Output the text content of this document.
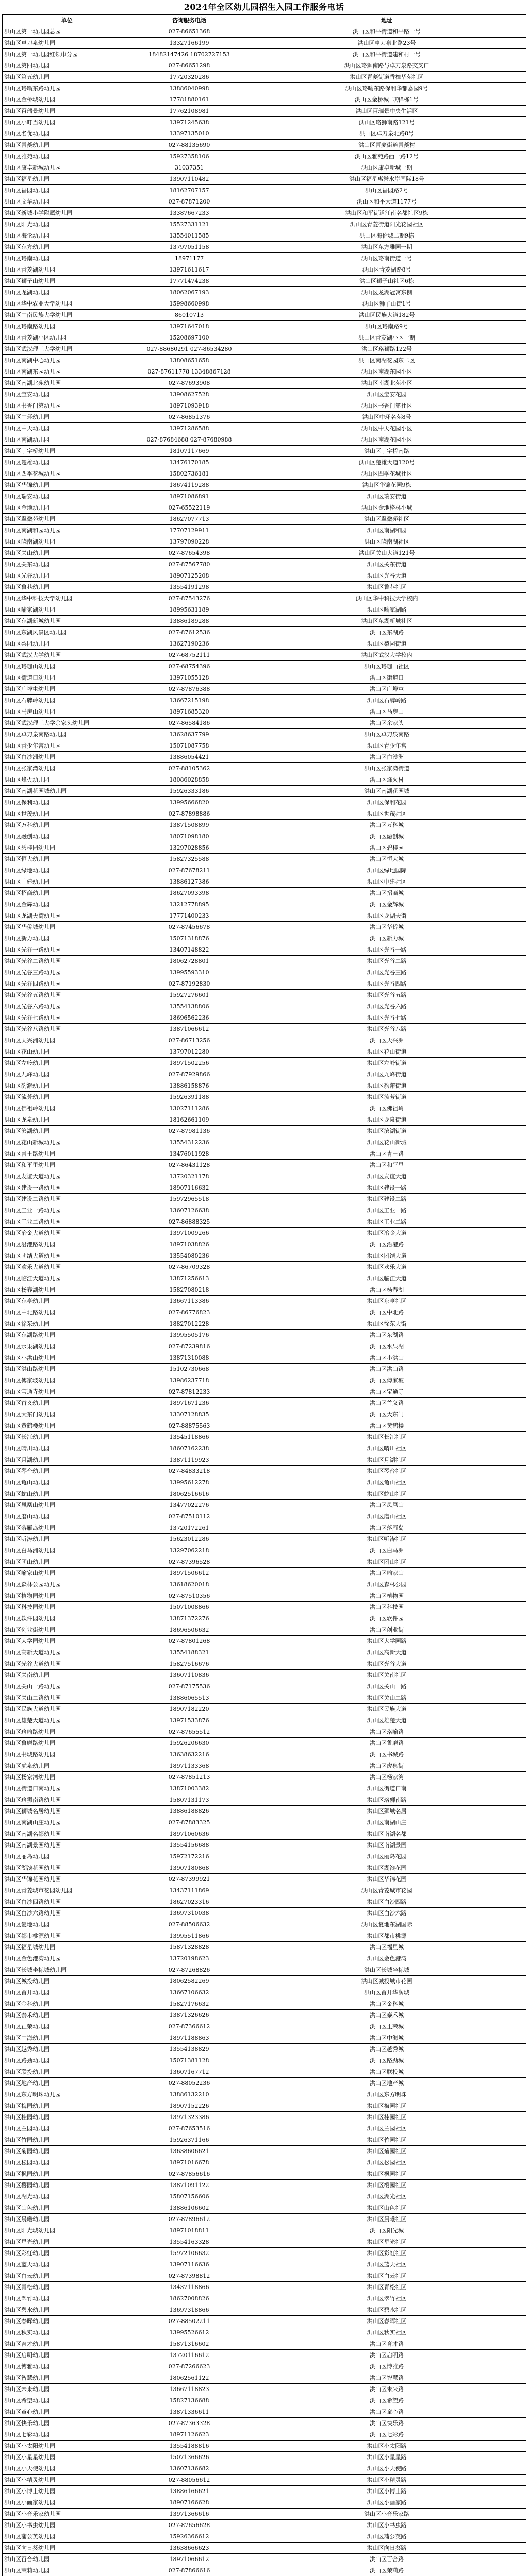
2024年全区幼儿园招生入园工作服务电话
单位	咨询服务电话	地址
洪山区第一幼儿园总园	027-86651368	洪山区和平街道和平路一号
洪山区卓刀泉幼儿园	13327166199	洪山区卓刀泉北路23号
洪山区第一幼儿园红领巾分园	18482147426 18702727153	洪山区和平街道建和村一号
洪山区第四幼儿园	027-86651298	洪山区珞狮南路与卓刀泉路交叉口
洪山区第五幼儿园	17720320286	洪山区青菱街道香樟华苑社区
洪山区珞喻东路幼儿园	13886040998	洪山区珞喻东路保利华都嘉园9号
洪山区金桥城幼儿园	17781880161	洪山区金桥城二期8栋1号
洪山区百瑞景幼儿园	17762108981	洪山区百瑞景中央生活区
洪山区小叮当幼儿园	13971245638	洪山区珞狮南路121号
洪山区名优幼儿园	13397135010	洪山区卓刀泉北路8号
洪山区青菱幼儿园	027-88135690	洪山区青菱街道青菱村
洪山区雅苑幼儿园	15927358106	洪山区雅苑路西一路12号
洪山区康卓新城幼儿园	31037351	洪山区康卓新城一期
洪山区福星幼儿园	13907110482	洪山区福星惠誉水岸国际18号
洪山区福园幼儿园	18162707157	洪山区福园路2号
洪山区文华幼儿园	027-87871200	洪山区和平大道1177号
洪山区新城小学附属幼儿园	13387667233	洪山区和平街道江南名都社区9栋
洪山区阳光幼儿园	15527331121	洪山区青菱街道阳光花园社区
洪山区海伦幼儿园	13554011585	洪山区海伦城二期9栋
洪山区东方幼儿园	13797051158	洪山区东方雅园一期
洪山区珞南幼儿园	18971177	洪山区珞南街道一号
洪山区青菱湖幼儿园	13971611617	洪山区青菱湖路8号
洪山区狮子山幼儿园	17771474238	洪山区狮子山社区6栋
洪山区龙湖幼儿园	18062067193	洪山区龙湖冠寓东侧
洪山区华中农业大学幼儿园	15998660998	洪山区狮子山街1号
洪山区中南民族大学幼儿园	86010713	洪山区民族大道182号
洪山区珞南路幼儿园	13971647018	洪山区珞南路9号
洪山区青菱湖小区幼儿园	15208697100	洪山区青菱湖小区一期
洪山区武汉理工大学幼儿园	027-88680291 027-86534280	洪山区珞狮路122号
洪山区南湖中心幼儿园	13808651658	洪山区南湖花园东二区
洪山区南湖东园幼儿园	027-87611778 13348867128	洪山区南湖东园小区
洪山区南湖北苑幼儿园	027-87693908	洪山区南湖北苑小区
洪山区宝安幼儿园	13908627528	洪山区宝安花园
洪山区书香门第幼儿园	18971093918	洪山区书香门第社区
洪山区中环幼儿园	027-86851376	洪山区中环名苑8号
洪山区中天幼儿园	13971286588	洪山区中天花园小区
洪山区南湖幼儿园	027-87684688 027-87680988	洪山区南湖花园小区
洪山区丁字桥幼儿园	18107117669	洪山区丁字桥南路
洪山区楚雄幼儿园	13476170185	洪山区楚雄大道120号
洪山区四季花城幼儿园	15802736181	洪山区四季花城社区
洪山区华锦幼儿园	18674119288	洪山区华锦花园9栋
洪山区瑞安幼儿园	18971086891	洪山区瑞安街道
洪山区金地幼儿园	027-65522119	洪山区金地格林小城
洪山区翠微苑幼儿园	18627077713	洪山区翠微苑社区
洪山区南湖和园幼儿园	17707129911	洪山区南湖和园
洪山区晓南湖幼儿园	13797090228	洪山区晓南湖社区
洪山区关山幼儿园	027-87654398	洪山区关山大道121号
洪山区关东幼儿园	027-87567780	洪山区关东街道
洪山区光谷幼儿园	18907125208	洪山区光谷大道
洪山区鲁巷幼儿园	13554191298	洪山区鲁巷社区
洪山区华中科技大学幼儿园	027-87543276	洪山区华中科技大学校内
洪山区喻家湖幼儿园	18995631189	洪山区喻家湖路
洪山区东湖新城幼儿园	13886189288	洪山区东湖新城社区
洪山区东湖风景区幼儿园	027-87612536	洪山区东湖路
洪山区梨园幼儿园	13627190236	洪山区梨园街道
洪山区武汉大学幼儿园	027-68752111	洪山区武汉大学校内
洪山区珞珈山幼儿园	027-68754396	洪山区珞珈山社区
洪山区街道口幼儿园	13971055128	洪山区街道口
洪山区广埠屯幼儿园	027-87876388	洪山区广埠屯
洪山区石牌岭幼儿园	13667215198	洪山区石牌岭路
洪山区马房山幼儿园	18971685320	洪山区马房山
洪山区武汉理工大学余家头幼儿园	027-86584186	洪山区余家头
洪山区卓刀泉南路幼儿园	13628637799	洪山区卓刀泉南路
洪山区青少年宫幼儿园	15071087758	洪山区青少年宫
洪山区白沙洲幼儿园	13886054421	洪山区白沙洲
洪山区张家湾幼儿园	027-88105362	洪山区张家湾街道
洪山区烽火幼儿园	18086028858	洪山区烽火村
洪山区南湖花园城幼儿园	15926333186	洪山区南湖花园城
洪山区保利幼儿园	13995666820	洪山区保利花园
洪山区世茂幼儿园	027-87898886	洪山区世茂社区
洪山区万科幼儿园	13871508899	洪山区万科城
洪山区融创幼儿园	18071098180	洪山区融创城
洪山区碧桂园幼儿园	13297028856	洪山区碧桂园
洪山区恒大幼儿园	15827325588	洪山区恒大城
洪山区绿地幼儿园	027-87678211	洪山区绿地国际
洪山区中建幼儿园	13886127386	洪山区中建社区
洪山区招商幼儿园	18627093398	洪山区招商城
洪山区金辉幼儿园	13212778895	洪山区金辉城
洪山区龙湖天街幼儿园	17771400233	洪山区龙湖天街
洪山区华侨城幼儿园	027-87456678	洪山区华侨城
洪山区新力幼儿园	15071318876	洪山区新力城
洪山区光谷一路幼儿园	13407148822	洪山区光谷一路
洪山区光谷二路幼儿园	18062728801	洪山区光谷二路
洪山区光谷三路幼儿园	13995593310	洪山区光谷三路
洪山区光谷四路幼儿园	027-87192830	洪山区光谷四路
洪山区光谷五路幼儿园	15927276601	洪山区光谷五路
洪山区光谷六路幼儿园	13554138806	洪山区光谷六路
洪山区光谷七路幼儿园	18696562236	洪山区光谷七路
洪山区光谷八路幼儿园	13871066612	洪山区光谷八路
洪山区天兴洲幼儿园	027-86713256	洪山区天兴洲
洪山区花山幼儿园	13797012280	洪山区花山街道
洪山区左岭幼儿园	18971502256	洪山区左岭街道
洪山区九峰幼儿园	027-87929866	洪山区九峰街道
洪山区豹澥幼儿园	13886158876	洪山区豹澥街道
洪山区流芳幼儿园	15926391188	洪山区流芳街道
洪山区佛祖岭幼儿园	13027111286	洪山区佛祖岭
洪山区龙泉幼儿园	18162661109	洪山区龙泉街道
洪山区滨湖幼儿园	027-87981136	洪山区滨湖街道
洪山区花山新城幼儿园	13554312236	洪山区花山新城
洪山区青王路幼儿园	13476011928	洪山区青王路
洪山区和平里幼儿园	027-86431128	洪山区和平里
洪山区友谊大道幼儿园	13720321178	洪山区友谊大道
洪山区建设一路幼儿园	18907116632	洪山区建设一路
洪山区建设二路幼儿园	15972965518	洪山区建设二路
洪山区工业一路幼儿园	13607126638	洪山区工业一路
洪山区工业二路幼儿园	027-86888325	洪山区工业二路
洪山区冶金大道幼儿园	13971009266	洪山区冶金大道
洪山区沿港路幼儿园	18971038826	洪山区沿港路
洪山区团结大道幼儿园	13554080236	洪山区团结大道
洪山区欢乐大道幼儿园	027-86709328	洪山区欢乐大道
洪山区临江大道幼儿园	13871256613	洪山区临江大道
洪山区杨春湖幼儿园	15827080218	洪山区杨春湖
洪山区东亭幼儿园	13667113386	洪山区东亭社区
洪山区中北路幼儿园	027-86776823	洪山区中北路
洪山区徐东幼儿园	18827012228	洪山区徐东大街
洪山区东湖路幼儿园	13995505176	洪山区东湖路
洪山区水果湖幼儿园	027-87239816	洪山区水果湖
洪山区小洪山幼儿园	13871310088	洪山区小洪山
洪山区洪山路幼儿园	15102730668	洪山区洪山路
洪山区傅家坡幼儿园	13986237718	洪山区傅家坡
洪山区宝通寺幼儿园	027-87812233	洪山区宝通寺
洪山区首义幼儿园	18971671236	洪山区首义路
洪山区大东门幼儿园	13307128835	洪山区大东门
洪山区黄鹤楼幼儿园	027-88875563	洪山区黄鹤楼
洪山区长江幼儿园	13545118866	洪山区长江社区
洪山区晴川幼儿园	18607162238	洪山区晴川社区
洪山区月湖幼儿园	13871119923	洪山区月湖社区
洪山区琴台幼儿园	027-84833218	洪山区琴台社区
洪山区龟山幼儿园	13995612278	洪山区龟山社区
洪山区蛇山幼儿园	18062516616	洪山区蛇山社区
洪山区凤凰山幼儿园	13477022276	洪山区凤凰山
洪山区磨山幼儿园	027-87510112	洪山区磨山社区
洪山区落雁岛幼儿园	13720172261	洪山区落雁岛
洪山区听涛幼儿园	15623012286	洪山区听涛社区
洪山区白马洲幼儿园	13297062218	洪山区白马洲
洪山区团山幼儿园	027-87396528	洪山区团山社区
洪山区喻家山幼儿园	18971506612	洪山区喻家山
洪山区森林公园幼儿园	13618620018	洪山区森林公园
洪山区植物园幼儿园	027-87510356	洪山区植物园
洪山区科技园幼儿园	15071008866	洪山区科技园
洪山区软件园幼儿园	13871372276	洪山区软件园
洪山区创业街幼儿园	18696506632	洪山区创业街
洪山区大学园幼儿园	027-87801268	洪山区大学园路
洪山区高新大道幼儿园	13554188321	洪山区高新大道
洪山区光谷大道幼儿园	15827516676	洪山区光谷大道
洪山区关南幼儿园	13607110836	洪山区关南社区
洪山区关山一路幼儿园	027-87175536	洪山区关山一路
洪山区关山二路幼儿园	13886065513	洪山区关山二路
洪山区民族大道幼儿园	18907182220	洪山区民族大道
洪山区雄楚大道幼儿园	13971533876	洪山区雄楚大道
洪山区珞喻路幼儿园	027-87655512	洪山区珞喻路
洪山区鲁磨路幼儿园	15926206630	洪山区鲁磨路
洪山区书城路幼儿园	13638632216	洪山区书城路
洪山区虎泉幼儿园	18971133368	洪山区虎泉街
洪山区杨家湾幼儿园	027-87851213	洪山区杨家湾
洪山区街道口南幼儿园	13871003382	洪山区街道口南
洪山区珞狮南路幼儿园	15807131173	洪山区珞狮南路
洪山区狮城名居幼儿园	13886188826	洪山区狮城名居
洪山区南湖山庄幼儿园	027-87883325	洪山区南湖山庄
洪山区南湖名都幼儿园	18971060636	洪山区南湖名都
洪山区南湖景园幼儿园	13554156688	洪山区南湖景园
洪山区丽岛幼儿园	15972172216	洪山区丽岛花园
洪山区湖滨花园幼儿园	13907180868	洪山区湖滨花园
洪山区华锦花园幼儿园	027-87399921	洪山区华锦花园
洪山区青菱城市花园幼儿园	13437111869	洪山区青菱城市花园
洪山区白沙四路幼儿园	18627023316	洪山区白沙四路
洪山区白沙六路幼儿园	13697310038	洪山区白沙六路
洪山区复地幼儿园	027-88506632	洪山区复地东湖国际
洪山区都市桃源幼儿园	13995511866	洪山区都市桃源
洪山区福星城幼儿园	15871328828	洪山区福星城
洪山区金色港湾幼儿园	13720198623	洪山区金色港湾
洪山区长城坐标城幼儿园	027-87268826	洪山区长城坐标城
洪山区城投幼儿园	18062582269	洪山区城投城市花园
洪山区首开幼儿园	13667106632	洪山区首开华润城
洪山区金科幼儿园	15827176632	洪山区金科城
洪山区泰禾幼儿园	13871326626	洪山区泰禾城
洪山区正荣幼儿园	027-87366612	洪山区正荣城
洪山区中海幼儿园	18971188863	洪山区中海城
洪山区越秀幼儿园	13554138829	洪山区越秀城
洪山区路劲幼儿园	15071381128	洪山区路劲城
洪山区联投幼儿园	13607167712	洪山区联投城
洪山区地产幼儿园	027-88052236	洪山区地产城
洪山区东方明珠幼儿园	13886132210	洪山区东方明珠
洪山区梅园幼儿园	18907152226	洪山区梅园社区
洪山区桂园幼儿园	13971323386	洪山区桂园社区
洪山区兰园幼儿园	027-87653516	洪山区兰园社区
洪山区竹园幼儿园	15926371166	洪山区竹园社区
洪山区菊园幼儿园	13638606621	洪山区菊园社区
洪山区松园幼儿园	18971016678	洪山区松园社区
洪山区枫园幼儿园	027-87856616	洪山区枫园社区
洪山区樱园幼儿园	13871091122	洪山区樱园社区
洪山区湖光幼儿园	15807156606	洪山区湖光社区
洪山区山色幼儿园	13886106602	洪山区山色社区
洪山区晨曦幼儿园	027-87896612	洪山区晨曦社区
洪山区阳光城幼儿园	18971018811	洪山区阳光城
洪山区星光幼儿园	13554163328	洪山区星光社区
洪山区彩虹幼儿园	15972106632	洪山区彩虹社区
洪山区蓝天幼儿园	13907116636	洪山区蓝天社区
洪山区白云幼儿园	027-87398812	洪山区白云社区
洪山区青松幼儿园	13437118866	洪山区青松社区
洪山区翠竹幼儿园	18627008826	洪山区翠竹社区
洪山区碧水幼儿园	13697318866	洪山区碧水社区
洪山区春晖幼儿园	027-88502211	洪山区春晖社区
洪山区秋实幼儿园	13995526612	洪山区秋实社区
洪山区育才幼儿园	15871316602	洪山区育才路
洪山区启明幼儿园	13720116612	洪山区启明路
洪山区博雅幼儿园	027-87266623	洪山区博雅路
洪山区智慧幼儿园	18062561122	洪山区智慧路
洪山区未来幼儿园	13667118823	洪山区未来路
洪山区希望幼儿园	15827136688	洪山区希望路
洪山区童心幼儿园	13871336611	洪山区童心路
洪山区快乐幼儿园	027-87363328	洪山区快乐路
洪山区七彩幼儿园	18971126623	洪山区七彩路
洪山区小太阳幼儿园	13554188816	洪山区小太阳路
洪山区小星星幼儿园	15071366626	洪山区小星星路
洪山区小天使幼儿园	13607136682	洪山区小天使路
洪山区小精灵幼儿园	027-88056612	洪山区小精灵路
洪山区小博士幼儿园	13886166621	洪山区小博士路
洪山区小画家幼儿园	18907166628	洪山区小画家路
洪山区小音乐家幼儿园	13971366616	洪山区小音乐家路
洪山区小书虫幼儿园	027-87656628	洪山区小书虫路
洪山区蒲公英幼儿园	15926366612	洪山区蒲公英路
洪山区向日葵幼儿园	13638666623	洪山区向日葵路
洪山区百合幼儿园	18971066612	洪山区百合路
洪山区茉莉幼儿园	027-87866616	洪山区茉莉路
